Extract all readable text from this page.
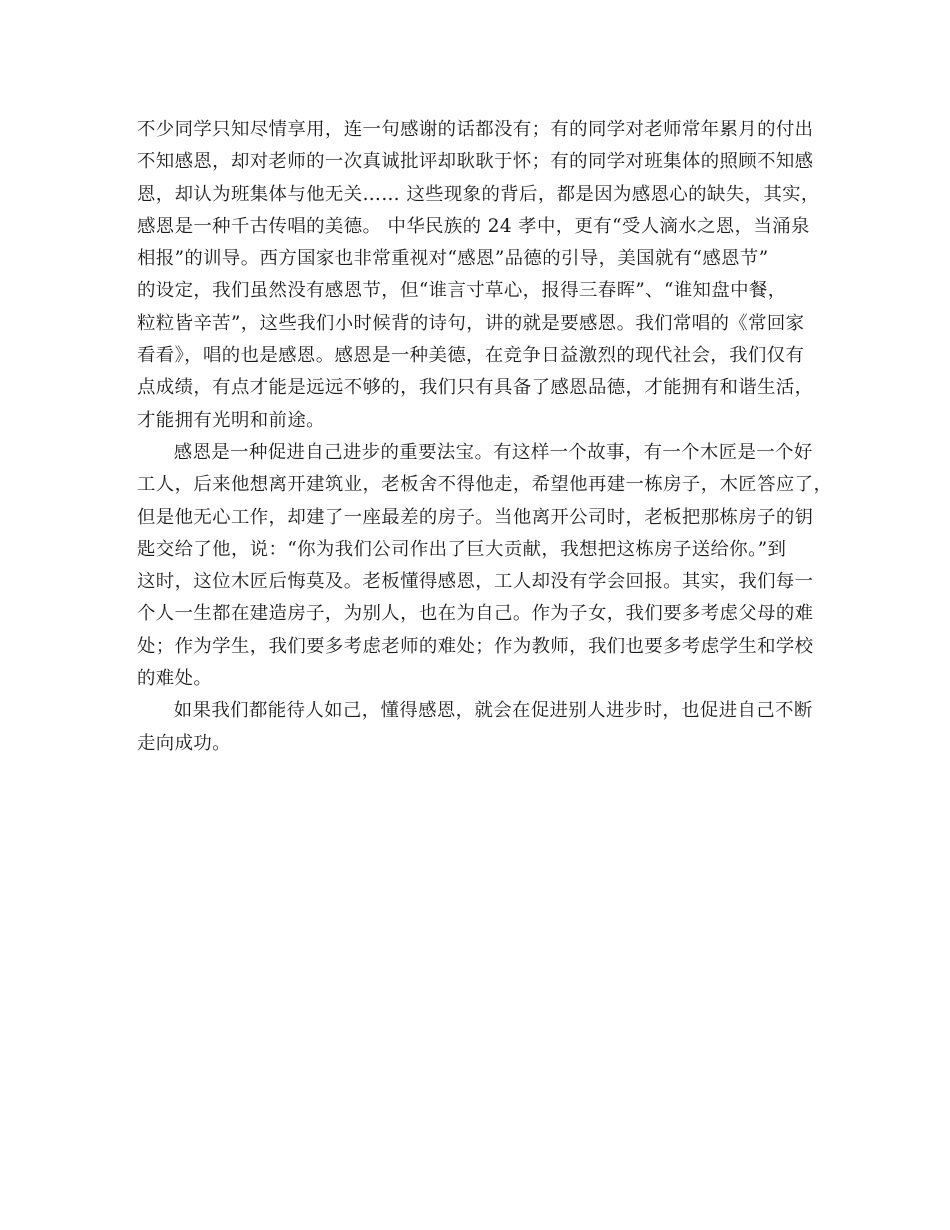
不少同学只知尽情享用，连一句感谢的话都没有；有的同学对老师常年累月的付出
不知感恩，却对老师的一次真诚批评却耿耿于怀；有的同学对班集体的照顾不知感
恩，却认为班集体与他无关…… 这些现象的背后，都是因为感恩心的缺失，其实，
感恩是一种千古传唱的美德。 中华民族的 24 孝中，更有“受人滴水之恩，当涌泉
相报”的训导。西方国家也非常重视对“感恩”品德的引导，美国就有“感恩节”
的设定，我们虽然没有感恩节，但“谁言寸草心，报得三春晖”、“谁知盘中餐，
粒粒皆辛苦”，这些我们小时候背的诗句，讲的就是要感恩。我们常唱的《常回家
看看》，唱的也是感恩。感恩是一种美德，在竞争日益激烈的现代社会，我们仅有
点成绩，有点才能是远远不够的，我们只有具备了感恩品德，才能拥有和谐生活，
才能拥有光明和前途。

感恩是一种促进自己进步的重要法宝。有这样一个故事，有一个木匠是一个好
工人，后来他想离开建筑业，老板舍不得他走，希望他再建一栋房子，木匠答应了，
但是他无心工作，却建了一座最差的房子。当他离开公司时，老板把那栋房子的钥
匙交给了他，说：“你为我们公司作出了巨大贡献，我想把这栋房子送给你。”到
这时，这位木匠后悔莫及。老板懂得感恩，工人却没有学会回报。其实，我们每一
个人一生都在建造房子，为别人，也在为自己。作为子女，我们要多考虑父母的难
处；作为学生，我们要多考虑老师的难处；作为教师，我们也要多考虑学生和学校
的难处。

如果我们都能待人如己，懂得感恩，就会在促进别人进步时，也促进自己不断
走向成功。
